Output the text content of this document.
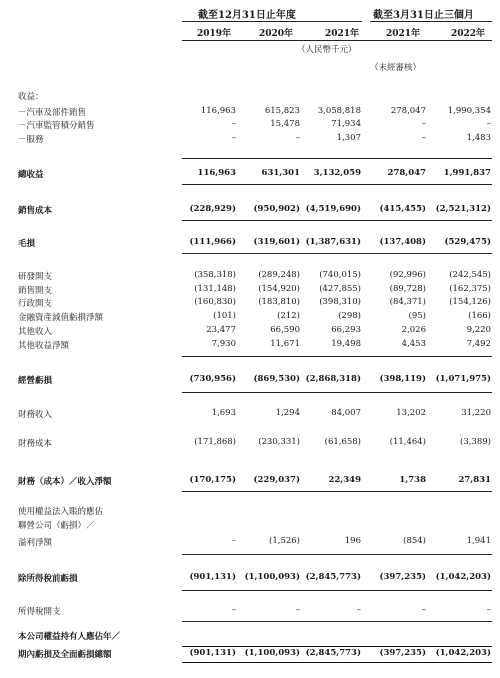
截至12月31日止年度	截至3月31日止三個月
2019年	2020年	2021年	2021年	2022年
（人民幣千元）
（未經審核）
收益：
－汽車及部件銷售	116,963	615,823 3,058,818	278,047	1,990,354
－汽車監管積分銷售	–	15,478	71,934	–	–
－服務	–	–	1,307	–	1,483
總收益	116,963	631,301 3,132,059	278,047 1,991,837
銷售成本	(228,929) (950,902) (4,519,690) (415,455) (2,521,312)
毛損	(111,966) (319,601) (1,387,631) (137,408) (529,475)
研發開支	(358,318)	(289,248) (740,015)	(92,996)	(242,545)
銷售開支	(131,148)	(154,920) (427,855)	(89,728)	(162,375)
行政開支	(160,830)	(183,810) (398,310)	(84,371)	(154,126)
金融資產減值虧損淨額	(101)	(212)	(298)	(95)	(166)
其他收入	23,477	66,590	66,293	2,026	9,220
其他收益淨額	7,930	11,671	19,498	4,453	7,492
經營虧損	(730,956) (869,530) (2,868,318) (398,119) (1,071,975)
財務收入	1,693	1,294	84,007	13,202	31,220
財務成本	(171,868)	(230,331)	(61,658)	(11,464)	(3,389)
財務（成本）／收入淨額	(170,175) (229,037)	22,349	1,738	27,831
使用權益法入賬的應佔
聯營公司（虧損）／
溢利淨額	–	(1,526)	196	(854)	1,941
除所得稅前虧損	(901,131) (1,100,093) (2,845,773) (397,235) (1,042,203)
所得稅開支	–	–	–	–	–
本公司權益持有人應佔年／
期內虧損及全面虧損總額	(901,131) (1,100,093) (2,845,773) (397,235) (1,042,203)
